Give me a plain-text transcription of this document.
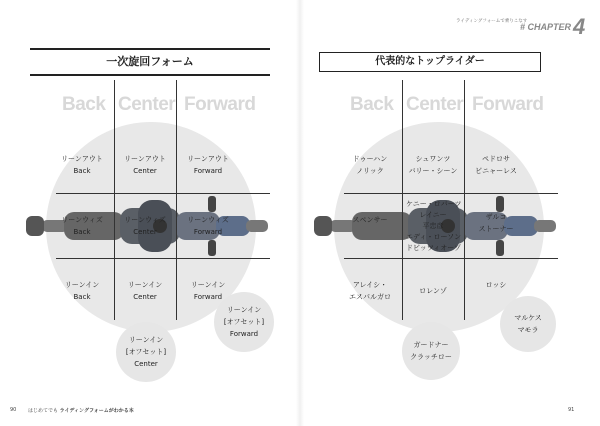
ライディングフォームで乗りこなす
# CHAPTER4
一次旋回フォーム
Back Center Forward
リーンアウト
Back
リーンアウト
Center
リーンアウト
Forward
リーンウィズ
Back
リーンウィズ
Center
リーンウィズ
Forward
リーンイン
Back
リーンイン
Center
リーンイン
Forward
リーンイン
[オフセット]
Center
リーンイン
[オフセット]
Forward
代表的なトップライダー
Back Center Forward
ドゥーハン
ノリック
シュワンツ
バリー・シーン
ペドロサ
ビニャーレス
スペンサー
ケニー・ロバーツ
レイニー
平忠彦
エディ・ローソン
ドビッツィオーゾ
ザルコ
ストーナー
アレイシ・
エスパルガロ
ロレンゾ
ロッシ
マルケス
マモラ
ガードナー
クラッチロー
90 はじめてでも ライディングフォームがわかる本	91
